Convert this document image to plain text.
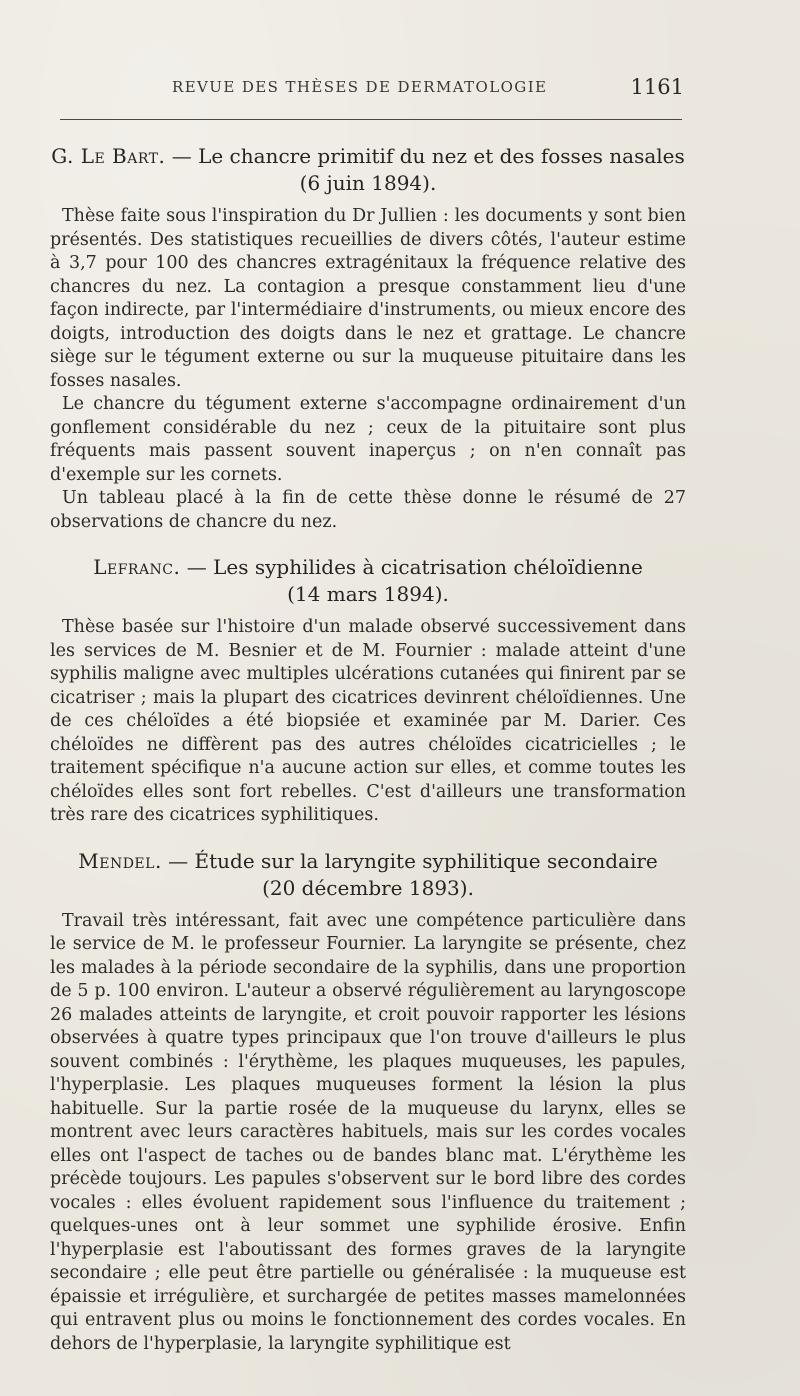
REVUE DES THÈSES DE DERMATOLOGIE	1161
G. Le Bart. — Le chancre primitif du nez et des fosses nasales
(6 juin 1894).

Thèse faite sous l'inspiration du Dr Jullien : les documents y sont bien présentés. Des statistiques recueillies de divers côtés, l'auteur estime à 3,7 pour 100 des chancres extragénitaux la fréquence relative des chancres du nez. La contagion a presque constamment lieu d'une façon indirecte, par l'intermédiaire d'instruments, ou mieux encore des doigts, introduction des doigts dans le nez et grattage. Le chancre siège sur le tégument externe ou sur la muqueuse pituitaire dans les fosses nasales.

Le chancre du tégument externe s'accompagne ordinairement d'un gonflement considérable du nez ; ceux de la pituitaire sont plus fréquents mais passent souvent inaperçus ; on n'en connaît pas d'exemple sur les cornets.

Un tableau placé à la fin de cette thèse donne le résumé de 27 observations de chancre du nez.

Lefranc. — Les syphilides à cicatrisation chéloïdienne
(14 mars 1894).

Thèse basée sur l'histoire d'un malade observé successivement dans les services de M. Besnier et de M. Fournier : malade atteint d'une syphilis maligne avec multiples ulcérations cutanées qui finirent par se cicatriser ; mais la plupart des cicatrices devinrent chéloïdiennes. Une de ces chéloïdes a été biopsiée et examinée par M. Darier. Ces chéloïdes ne diffèrent pas des autres chéloïdes cicatricielles ; le traitement spécifique n'a aucune action sur elles, et comme toutes les chéloïdes elles sont fort rebelles. C'est d'ailleurs une transformation très rare des cicatrices syphilitiques.

Mendel. — Étude sur la laryngite syphilitique secondaire
(20 décembre 1893).

Travail très intéressant, fait avec une compétence particulière dans le service de M. le professeur Fournier. La laryngite se présente, chez les malades à la période secondaire de la syphilis, dans une proportion de 5 p. 100 environ. L'auteur a observé régulièrement au laryngoscope 26 malades atteints de laryngite, et croit pouvoir rapporter les lésions observées à quatre types principaux que l'on trouve d'ailleurs le plus souvent combinés : l'érythème, les plaques muqueuses, les papules, l'hyperplasie. Les plaques muqueuses forment la lésion la plus habituelle. Sur la partie rosée de la muqueuse du larynx, elles se montrent avec leurs caractères habituels, mais sur les cordes vocales elles ont l'aspect de taches ou de bandes blanc mat. L'érythème les précède toujours. Les papules s'observent sur le bord libre des cordes vocales : elles évoluent rapidement sous l'influence du traitement ; quelques-unes ont à leur sommet une syphilide érosive. Enfin l'hyperplasie est l'aboutissant des formes graves de la laryngite secondaire ; elle peut être partielle ou généralisée : la muqueuse est épaissie et irrégulière, et surchargée de petites masses mamelonnées qui entravent plus ou moins le fonctionnement des cordes vocales. En dehors de l'hyperplasie, la laryngite syphilitique est
